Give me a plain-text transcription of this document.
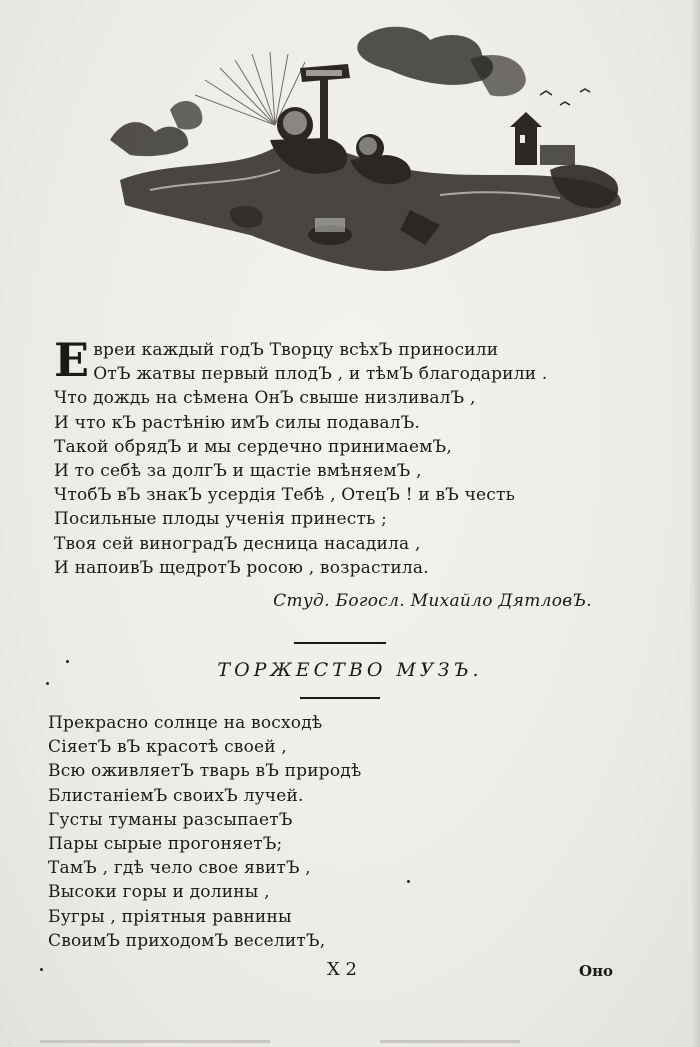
Е вреи каждый годЪ Творцу всѣхЪ приносили
ОтЪ жатвы первый плодЪ , и тѣмЪ благодарили .
Что дождь на сѣмена ОнЪ свыше низливалЪ ,
И что кЪ растѣнію имЪ силы подавалЪ.
Такой обрядЪ и мы сердечно принимаемЪ,
И то себѣ за долгЪ и щастіе вмѣняемЪ ,
ЧтобЪ вЪ знакЪ усердія Тебѣ , ОтецЪ ! и вЪ честь
Посильные плоды ученія принесть ;
Твоя сей виноградЪ десница насадила ,
И напоивЪ щедротЪ росою , возрастила.
Студ. Богосл. Михайло ДятловЪ.
ТОРЖЕСТВО МУЗЪ.
Прекрасно солнце на восходѣ
СіяетЪ вЪ красотѣ своей ,
Всю оживляетЪ тварь вЪ природѣ
БлистаніемЪ своихЪ лучей.
Густы туманы разсыпаетЪ
Пары сырые прогоняетЪ;
ТамЪ , гдѣ чело свое явитЪ ,
Высоки горы и долины ,
Бугры , пріятныя равнины
СвоимЪ приходомЪ веселитЪ,
Х 2	Оно
